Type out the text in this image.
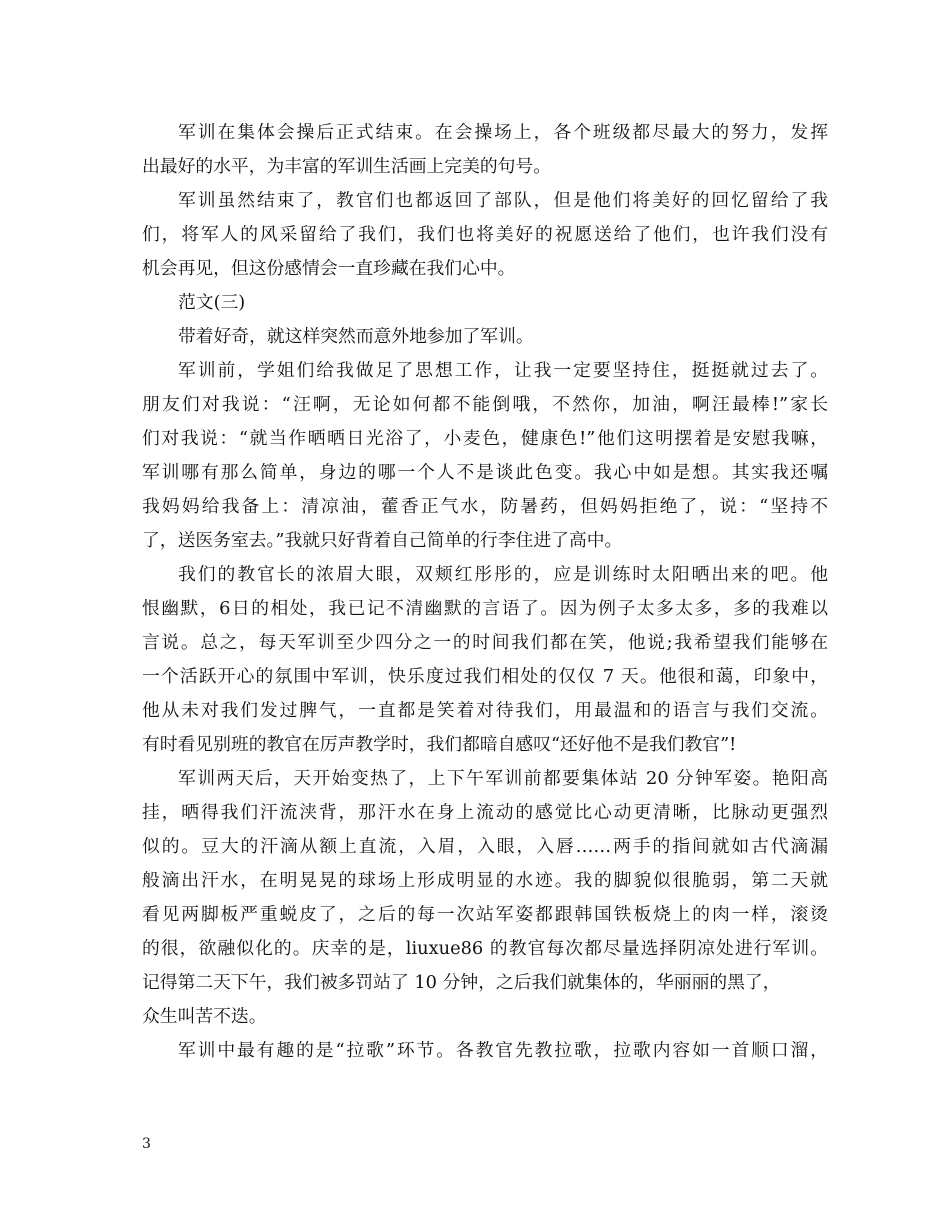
军训在集体会操后正式结束。在会操场上，各个班级都尽最大的努力，发挥
出最好的水平，为丰富的军训生活画上完美的句号。
军训虽然结束了，教官们也都返回了部队，但是他们将美好的回忆留给了我
们，将军人的风采留给了我们，我们也将美好的祝愿送给了他们，也许我们没有
机会再见，但这份感情会一直珍藏在我们心中。
范文(三)
带着好奇，就这样突然而意外地参加了军训。
军训前，学姐们给我做足了思想工作，让我一定要坚持住，挺挺就过去了。
朋友们对我说：“汪啊，无论如何都不能倒哦，不然你，加油，啊汪最棒!”家长
们对我说：“就当作晒晒日光浴了，小麦色，健康色!”他们这明摆着是安慰我嘛，
军训哪有那么简单，身边的哪一个人不是谈此色变。我心中如是想。其实我还嘱
我妈妈给我备上：清凉油，藿香正气水，防暑药，但妈妈拒绝了，说：“坚持不
了，送医务室去。”我就只好背着自己简单的行李住进了高中。
我们的教官长的浓眉大眼，双颊红彤彤的，应是训练时太阳晒出来的吧。他
恨幽默，6日的相处，我已记不清幽默的言语了。因为例子太多太多，多的我难以
言说。总之，每天军训至少四分之一的时间我们都在笑，他说;我希望我们能够在
一个活跃开心的氛围中军训，快乐度过我们相处的仅仅 7 天。他很和蔼，印象中，
他从未对我们发过脾气，一直都是笑着对待我们，用最温和的语言与我们交流。
有时看见别班的教官在厉声教学时，我们都暗自感叹“还好他不是我们教官”!
军训两天后，天开始变热了，上下午军训前都要集体站 20 分钟军姿。艳阳高
挂，晒得我们汗流浃背，那汗水在身上流动的感觉比心动更清晰，比脉动更强烈
似的。豆大的汗滴从额上直流，入眉，入眼，入唇……两手的指间就如古代滴漏
般滴出汗水，在明晃晃的球场上形成明显的水迹。我的脚貌似很脆弱，第二天就
看见两脚板严重蜕皮了，之后的每一次站军姿都跟韩国铁板烧上的肉一样，滚烫
的很，欲融似化的。庆幸的是，liuxue86 的教官每次都尽量选择阴凉处进行军训。
记得第二天下午，我们被多罚站了 10 分钟，之后我们就集体的，华丽丽的黑了，
众生叫苦不迭。
军训中最有趣的是“拉歌”环节。各教官先教拉歌，拉歌内容如一首顺口溜，
3
